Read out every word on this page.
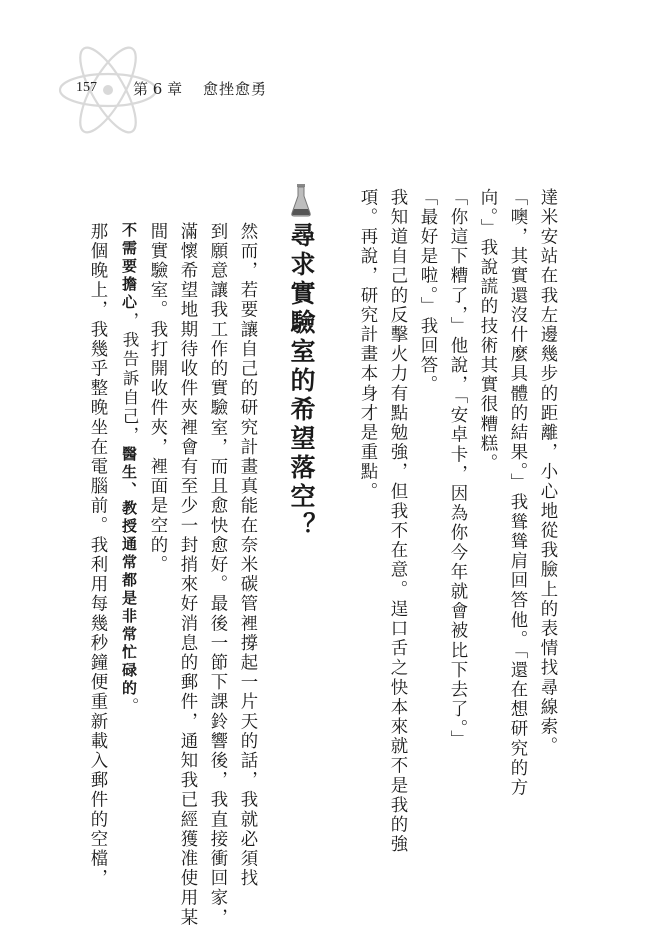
157 第 6 章 愈挫愈勇
達米安站在我左邊幾步的距離，小心地從我臉上的表情找尋線索。
「噢，其實還沒什麼具體的結果。」我聳聳肩回答他。「還在想研究的方
向。」我說謊的技術其實很糟糕。
「你這下糟了，」他說，「安卓卡，因為你今年就會被比下去了。」
「最好是啦。」我回答。
我知道自己的反擊火力有點勉強，但我不在意。逞口舌之快本來就不是我的強
項。再說，研究計畫本身才是重點。
尋求實驗室的希望落空？
然而，若要讓自己的研究計畫真能在奈米碳管裡撐起一片天的話，我就必須找
到願意讓我工作的實驗室，而且愈快愈好。最後一節下課鈴響後，我直接衝回家，
滿懷希望地期待收件夾裡會有至少一封捎來好消息的郵件，通知我已經獲准使用某
間實驗室。我打開收件夾，裡面是空的。
不需要擔心，我告訴自己，醫生、教授通常都是非常忙碌的。
那個晚上，我幾乎整晚坐在電腦前。我利用每幾秒鐘便重新載入郵件的空檔，
